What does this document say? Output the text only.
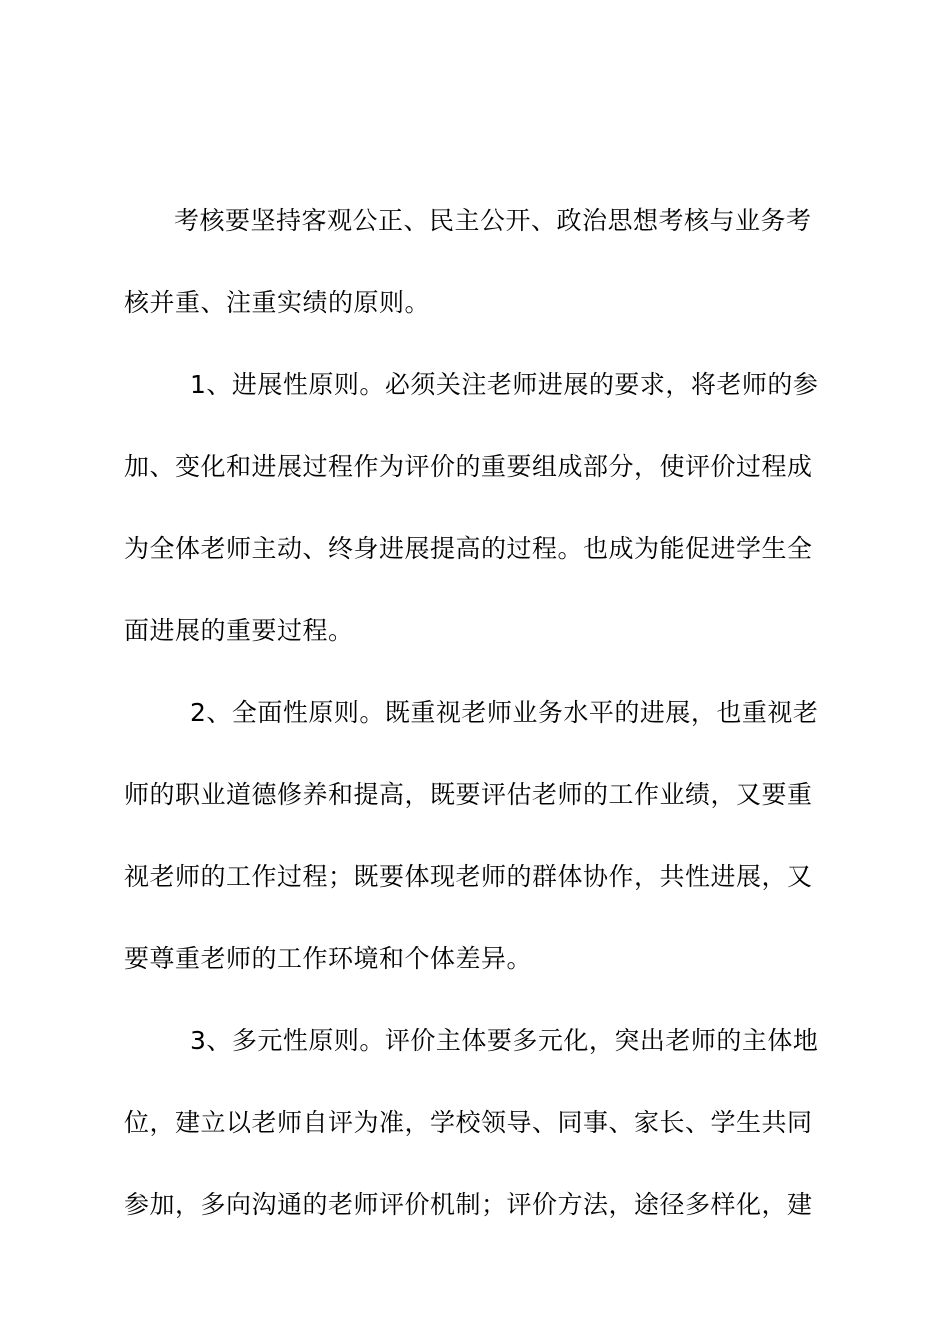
考核要坚持客观公正、民主公开、政治思想考核与业务考
核并重、注重实绩的原则。
1、进展性原则。必须关注老师进展的要求，将老师的参
加、变化和进展过程作为评价的重要组成部分，使评价过程成
为全体老师主动、终身进展提高的过程。也成为能促进学生全
面进展的重要过程。
2、全面性原则。既重视老师业务水平的进展，也重视老
师的职业道德修养和提高，既要评估老师的工作业绩，又要重
视老师的工作过程；既要体现老师的群体协作，共性进展，又
要尊重老师的工作环境和个体差异。
3、多元性原则。评价主体要多元化，突出老师的主体地
位，建立以老师自评为准，学校领导、同事、家长、学生共同
参加，多向沟通的老师评价机制；评价方法，途径多样化，建
